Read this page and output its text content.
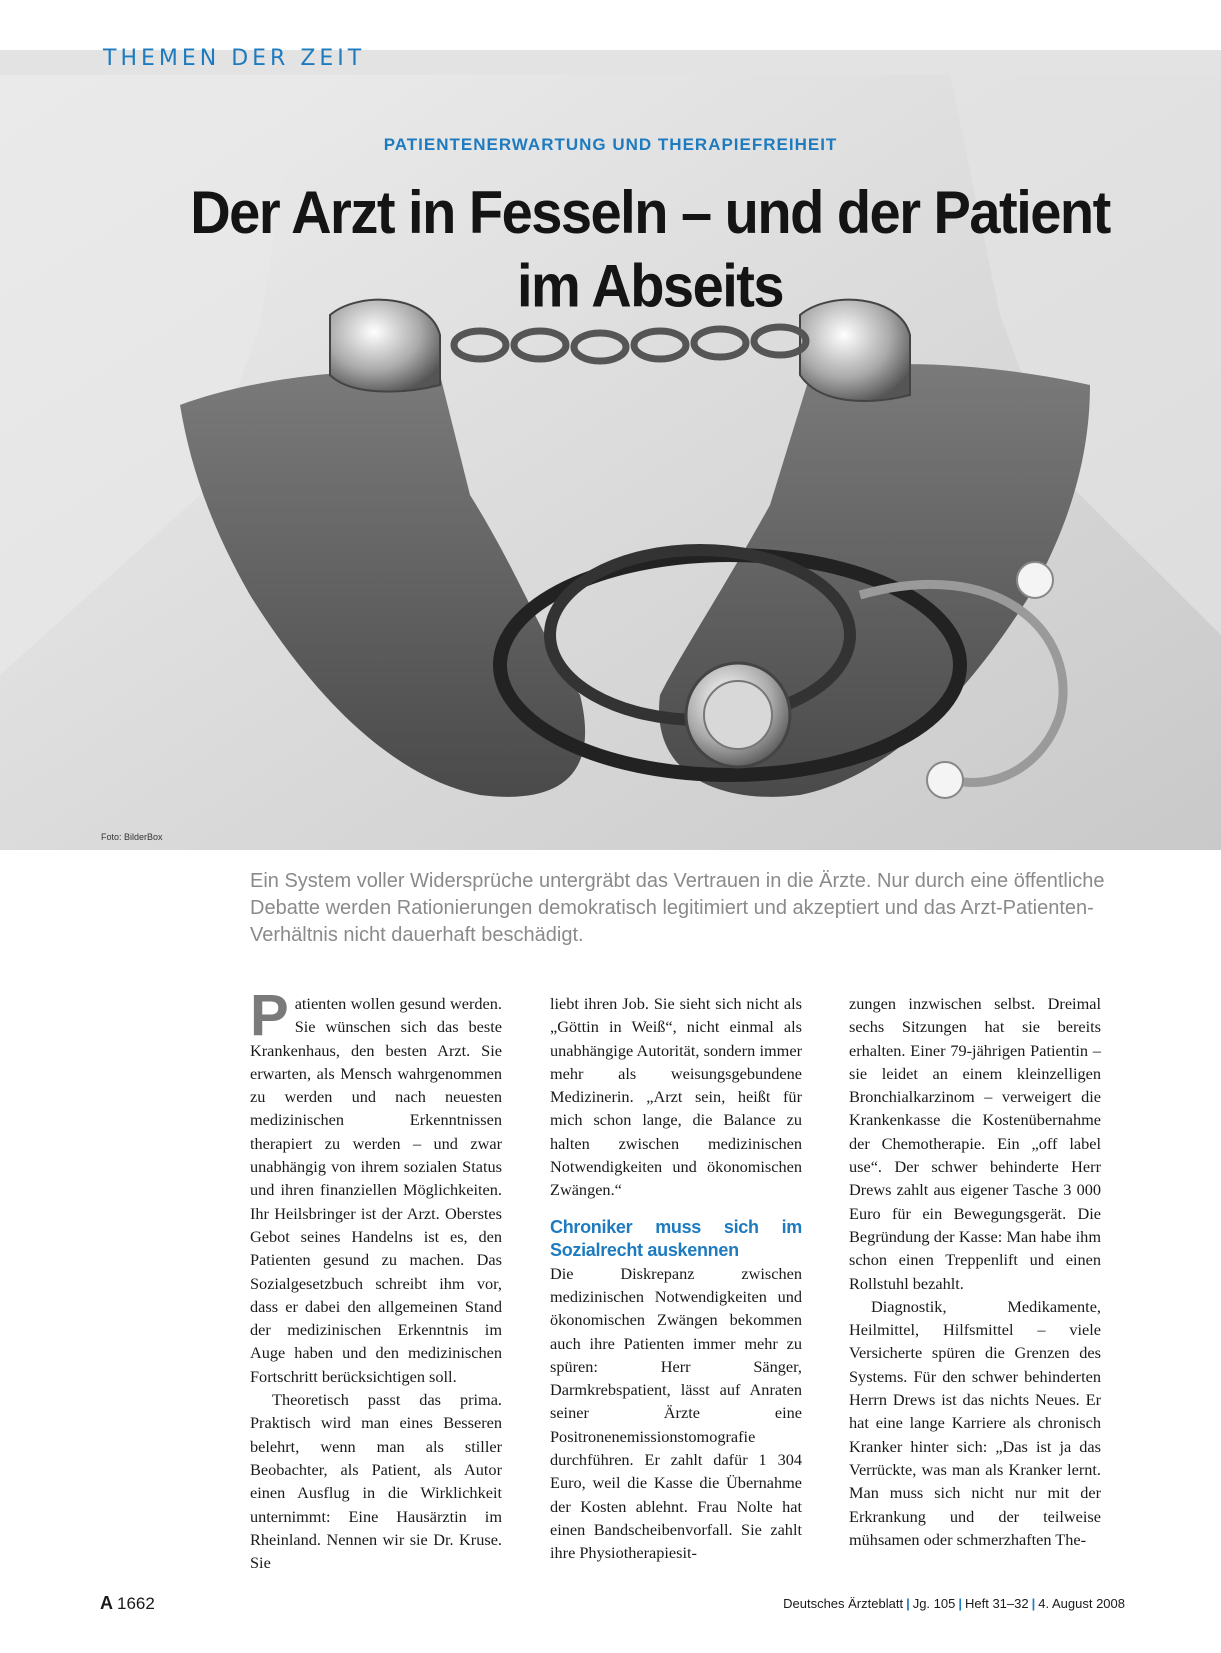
THEMEN DER ZEIT
PATIENTENERWARTUNG UND THERAPIEFREIHEIT
Der Arzt in Fesseln – und der Patient
im Abseits
Foto: BilderBox
Ein System voller Widersprüche untergräbt das Vertrauen in die Ärzte. Nur durch eine öffentliche Debatte werden Rationierungen demokratisch legitimiert und akzeptiert und das Arzt-Patienten-Verhältnis nicht dauerhaft beschädigt.

Patienten wollen gesund werden. Sie wünschen sich das beste Krankenhaus, den besten Arzt. Sie erwarten, als Mensch wahrgenommen zu werden und nach neuesten medizinischen Erkenntnissen therapiert zu werden – und zwar unabhängig von ihrem sozialen Status und ihren finanziellen Möglichkeiten. Ihr Heilsbringer ist der Arzt. Oberstes Gebot seines Handelns ist es, den Patienten gesund zu machen. Das Sozialgesetzbuch schreibt ihm vor, dass er dabei den allgemeinen Stand der medizinischen Erkenntnis im Auge haben und den medizinischen Fortschritt berücksichtigen soll.

Theoretisch passt das prima. Praktisch wird man eines Besseren belehrt, wenn man als stiller Beobachter, als Patient, als Autor einen Ausflug in die Wirklichkeit unternimmt: Eine Hausärztin im Rheinland. Nennen wir sie Dr. Kruse. Sie

liebt ihren Job. Sie sieht sich nicht als „Göttin in Weiß“, nicht einmal als unabhängige Autorität, sondern immer mehr als weisungsgebundene Medizinerin. „Arzt sein, heißt für mich schon lange, die Balance zu halten zwischen medizinischen Notwendigkeiten und ökonomischen Zwängen.“

Chroniker muss sich im Sozialrecht auskennen

Die Diskrepanz zwischen medizinischen Notwendigkeiten und ökonomischen Zwängen bekommen auch ihre Patienten immer mehr zu spüren: Herr Sänger, Darmkrebspatient, lässt auf Anraten seiner Ärzte eine Positronenemissionstomografie durchführen. Er zahlt dafür 1 304 Euro, weil die Kasse die Übernahme der Kosten ablehnt. Frau Nolte hat einen Bandscheibenvorfall. Sie zahlt ihre Physiotherapiesit-

zungen inzwischen selbst. Dreimal sechs Sitzungen hat sie bereits erhalten. Einer 79-jährigen Patientin – sie leidet an einem kleinzelligen Bronchialkarzinom – verweigert die Krankenkasse die Kostenübernahme der Chemotherapie. Ein „off label use“. Der schwer behinderte Herr Drews zahlt aus eigener Tasche 3 000 Euro für ein Bewegungsgerät. Die Begründung der Kasse: Man habe ihm schon einen Treppenlift und einen Rollstuhl bezahlt.

Diagnostik, Medikamente, Heilmittel, Hilfsmittel – viele Versicherte spüren die Grenzen des Systems. Für den schwer behinderten Herrn Drews ist das nichts Neues. Er hat eine lange Karriere als chronisch Kranker hinter sich: „Das ist ja das Verrückte, was man als Kranker lernt. Man muss sich nicht nur mit der Erkrankung und der teilweise mühsamen oder schmerzhaften The-

A 1662	Deutsches Ärzteblatt | Jg. 105 | Heft 31–32 | 4. August 2008
